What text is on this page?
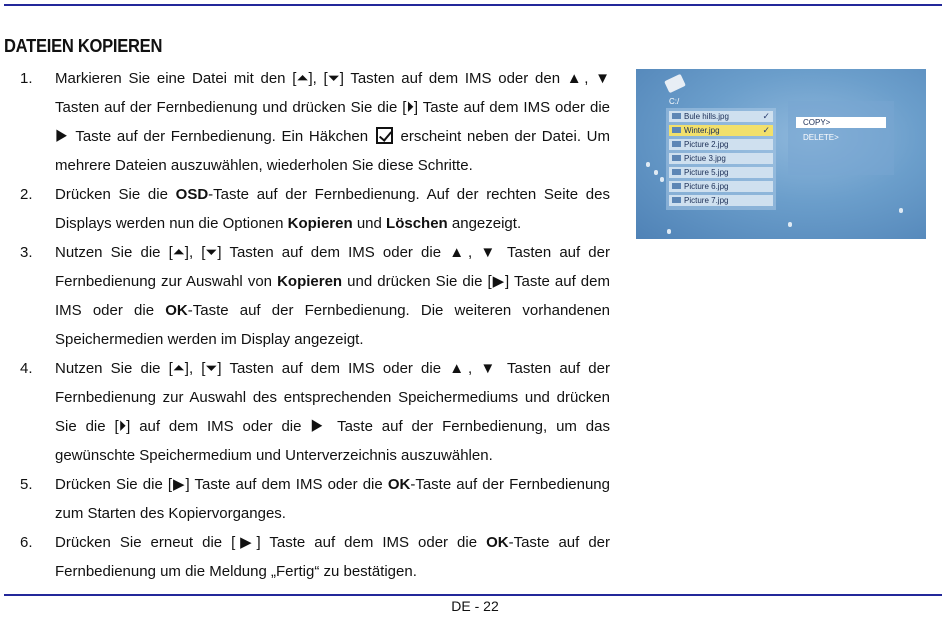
DATEIEN KOPIEREN
1.	Markieren Sie eine Datei mit den [⏶], [⏷] Tasten auf dem IMS oder den ▲, ▼ Tasten auf der Fernbedienung und drücken Sie die [⏵] Taste auf dem IMS oder die ▶ Taste auf der Fernbedienung. Ein Häkchen erscheint neben der Datei. Um mehrere Dateien auszuwählen, wiederholen Sie diese Schritte.
2.	Drücken Sie die OSD-Taste auf der Fernbedienung. Auf der rechten Seite des Displays werden nun die Optionen Kopieren und Löschen angezeigt.
3.	Nutzen Sie die [⏶], [⏷] Tasten auf dem IMS oder die ▲, ▼ Tasten auf der Fernbedienung zur Auswahl von Kopieren und drücken Sie die [▶] Taste auf dem IMS oder die OK-Taste auf der Fernbedienung. Die weiteren vorhandenen Speichermedien werden im Display angezeigt.
4.	Nutzen Sie die [⏶], [⏷] Tasten auf dem IMS oder die ▲, ▼ Tasten auf der Fernbedienung zur Auswahl des entsprechenden Speichermediums und drücken Sie die [⏵] auf dem IMS oder die ▶ Taste auf der Fernbedienung, um das gewünschte Speichermedium und Unterverzeichnis auszuwählen.
5.	Drücken Sie die [▶] Taste auf dem IMS oder die OK-Taste auf der Fernbedienung zum Starten des Kopiervorganges.
6.	Drücken Sie erneut die [▶] Taste auf dem IMS oder die OK-Taste auf der Fernbedienung um die Meldung „Fertig“ zu bestätigen.
C:/
Bule hills.jpg	✓
Winter.jpg	✓
Picture 2.jpg
Pictue 3.jpg
Picture 5.jpg
Picture 6.jpg
Picture 7.jpg
COPY>
DELETE>
DE - 22
